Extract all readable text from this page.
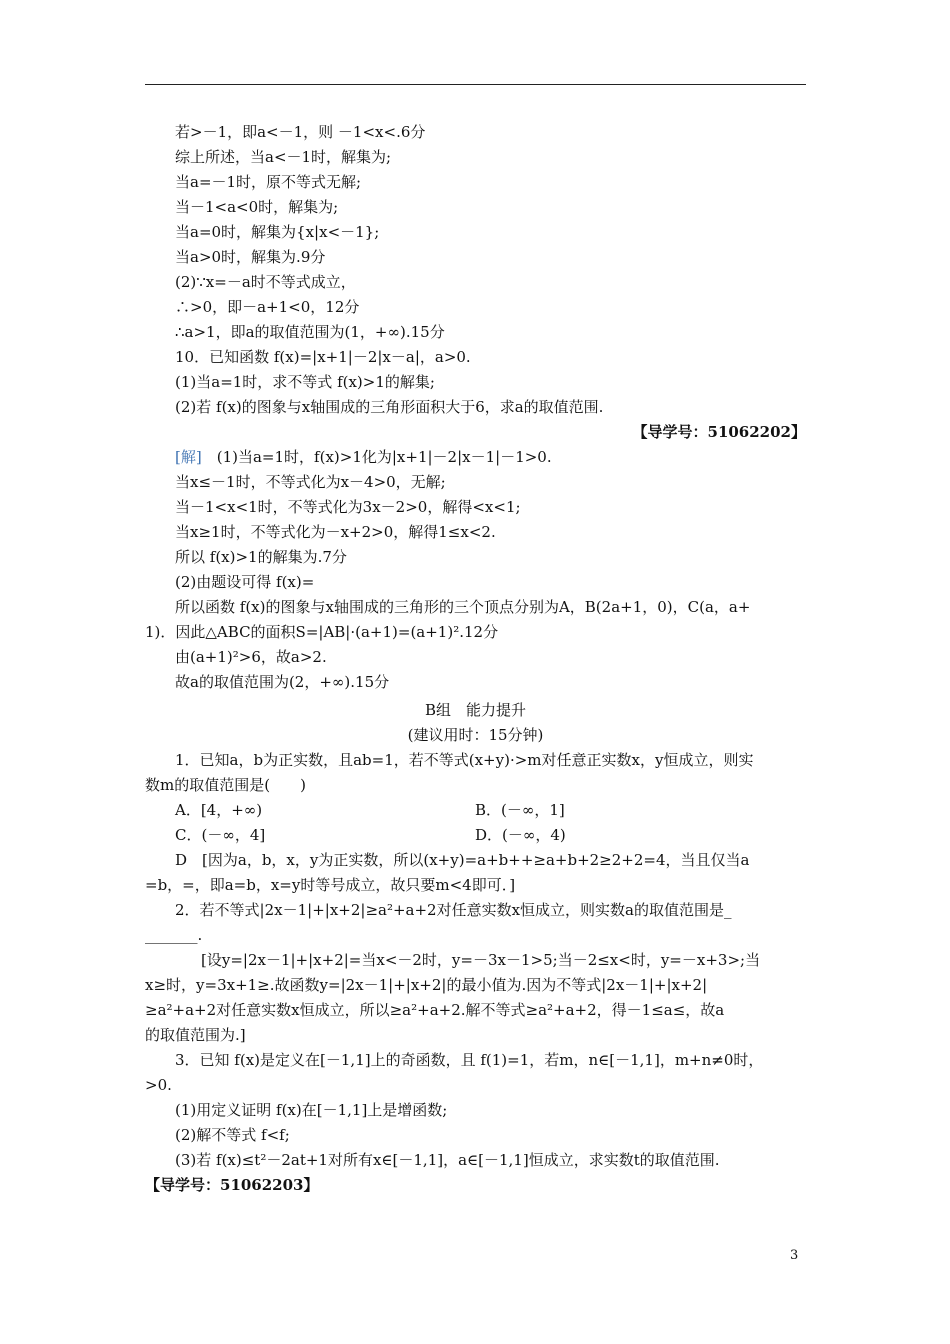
若>－1，即a<－1，则 －1<x<.6分
综上所述，当a<－1时，解集为;
当a=－1时，原不等式无解;
当－1<a<0时，解集为;
当a=0时，解集为{x|x<－1};
当a>0时，解集为.9分
(2)∵x=－a时不等式成立，
∴>0，即－a+1<0，12分
∴a>1，即a的取值范围为(1，+∞).15分
10．已知函数 f(x)=|x+1|－2|x－a|，a>0.
(1)当a=1时，求不等式 f(x)>1的解集;
(2)若 f(x)的图象与x轴围成的三角形面积大于6，求a的取值范围.
【导学号：51062202】
[解]　 (1)当a=1时，f(x)>1化为|x+1|－2|x－1|－1>0.
当x≤－1时，不等式化为x－4>0，无解;
当－1<x<1时，不等式化为3x－2>0，解得<x<1;
当x≥1时，不等式化为－x+2>0，解得1≤x<2.
所以 f(x)>1的解集为.7分
(2)由题设可得 f(x)=
所以函数 f(x)的图象与x轴围成的三角形的三个顶点分别为A，B(2a+1，0)，C(a，a+
1)．因此△ABC的面积S=|AB|·(a+1)=(a+1)².12分
由(a+1)²>6，故a>2.
故a的取值范围为(2，+∞).15分
B组　能力提升
(建议用时：15分钟)
1．已知a，b为正实数，且ab=1，若不等式(x+y)·>m对任意正实数x，y恒成立，则实
数m的取值范围是(　　)
A．[4，+∞)	B．(－∞，1]
C．(－∞，4]	D．(－∞，4)
D　[因为a，b，x，y为正实数，所以(x+y)=a+b++≥a+b+2≥2+2=4，当且仅当a
=b，=，即a=b，x=y时等号成立，故只要m<4即可．]
2．若不等式|2x－1|+|x+2|≥a²+a+2对任意实数x恒成立，则实数a的取值范围是_
_______.
[设y=|2x－1|+|x+2|=当x<－2时，y=－3x－1>5;当－2≤x<时，y=－x+3>;当
x≥时，y=3x+1≥.故函数y=|2x－1|+|x+2|的最小值为.因为不等式|2x－1|+|x+2|
≥a²+a+2对任意实数x恒成立，所以≥a²+a+2.解不等式≥a²+a+2，得－1≤a≤，故a
的取值范围为.]
3．已知 f(x)是定义在[－1,1]上的奇函数，且 f(1)=1，若m，n∈[－1,1]，m+n≠0时，
>0.
(1)用定义证明 f(x)在[－1,1]上是增函数;
(2)解不等式 f<f;
(3)若 f(x)≤t²－2at+1对所有x∈[－1,1]，a∈[－1,1]恒成立，求实数t的取值范围.
【导学号：51062203】
3
